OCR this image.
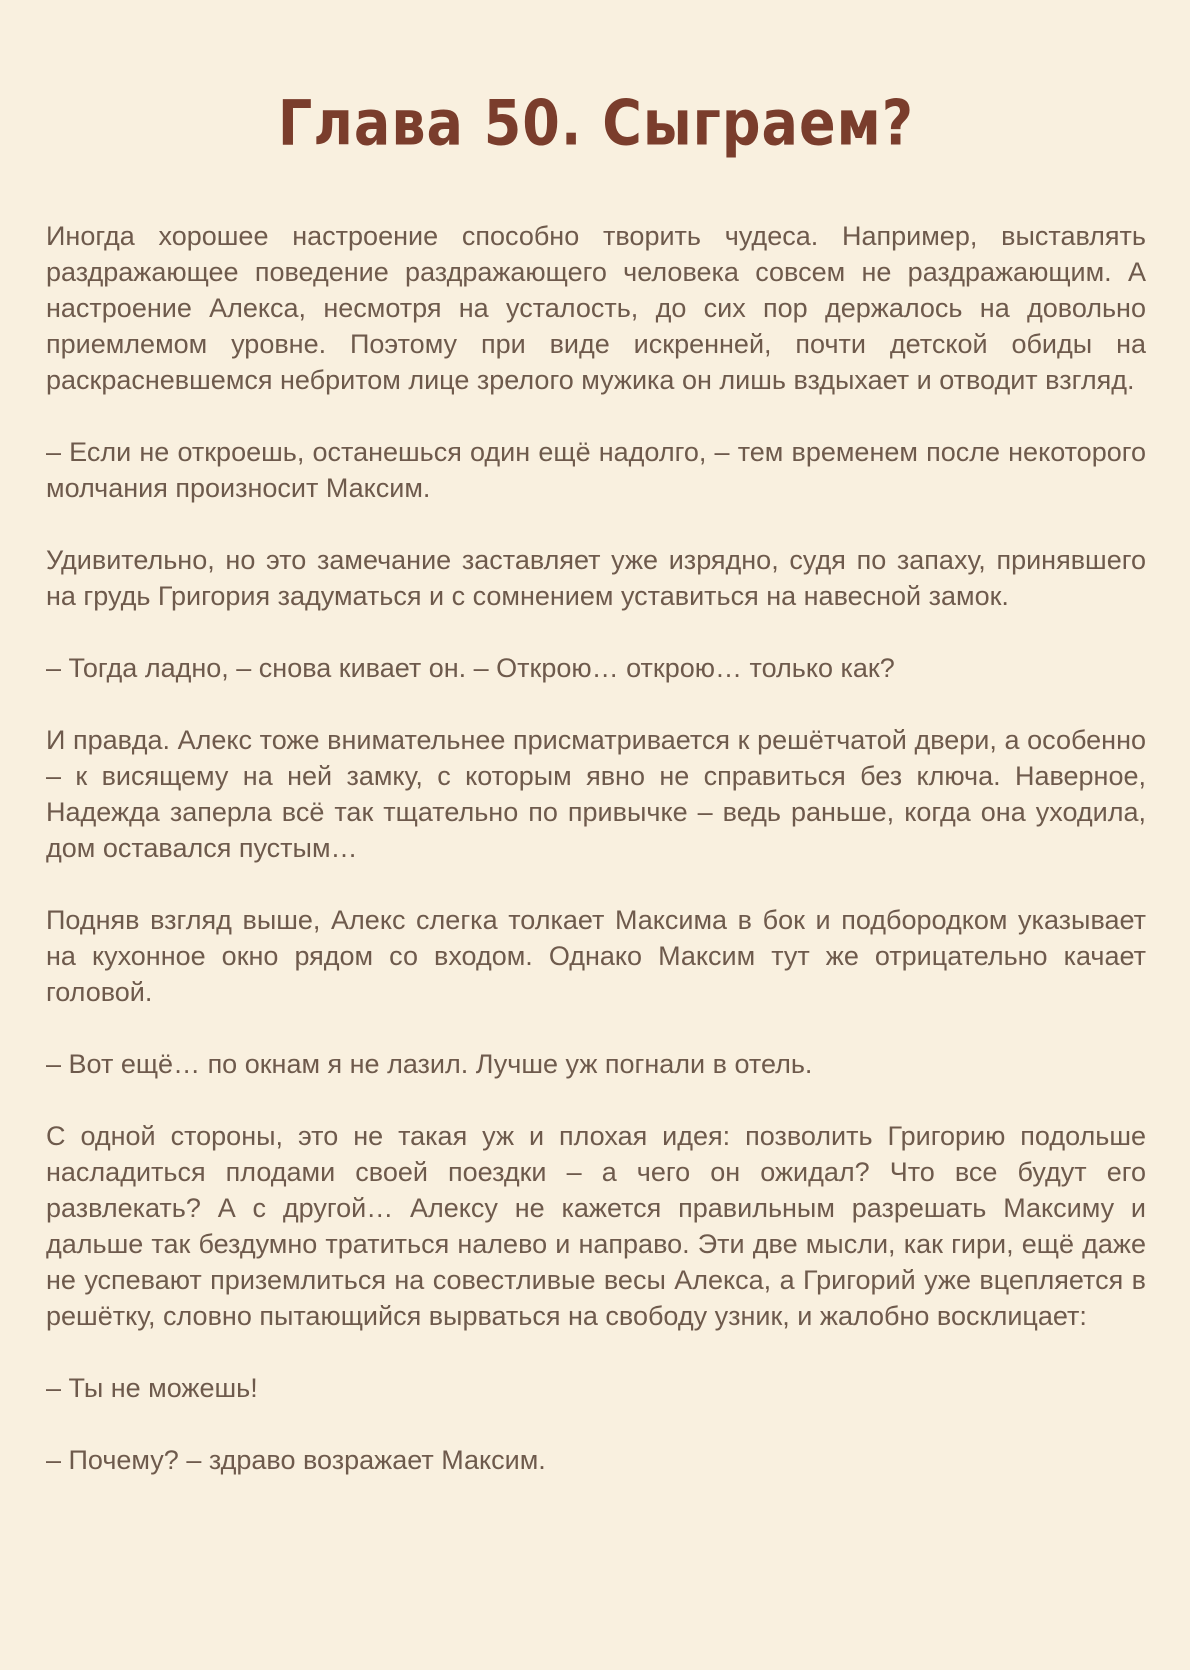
Глава 50. Сыграем?

Иногда хорошее настроение способно творить чудеса. Например, выставлять раздражающее поведение раздражающего человека совсем не раздражающим. А настроение Алекса, несмотря на усталость, до сих пор держалось на довольно приемлемом уровне. Поэтому при виде искренней, почти детской обиды на раскрасневшемся небритом лице зрелого мужика он лишь вздыхает и отводит взгляд.

– Если не откроешь, останешься один ещё надолго, – тем временем после некоторого молчания произносит Максим.

Удивительно, но это замечание заставляет уже изрядно, судя по запаху, принявшего на грудь Григория задуматься и с сомнением уставиться на навесной замок.

– Тогда ладно, – снова кивает он. – Открою… открою… только как?

И правда. Алекс тоже внимательнее присматривается к решётчатой двери, а особенно – к висящему на ней замку, с которым явно не справиться без ключа. Наверное, Надежда заперла всё так тщательно по привычке – ведь раньше, когда она уходила, дом оставался пустым…

Подняв взгляд выше, Алекс слегка толкает Максима в бок и подбородком указывает на кухонное окно рядом со входом. Однако Максим тут же отрицательно качает головой.

– Вот ещё… по окнам я не лазил. Лучше уж погнали в отель.

С одной стороны, это не такая уж и плохая идея: позволить Григорию подольше насладиться плодами своей поездки – а чего он ожидал? Что все будут его развлекать? А с другой… Алексу не кажется правильным разрешать Максиму и дальше так бездумно тратиться налево и направо. Эти две мысли, как гири, ещё даже не успевают приземлиться на совестливые весы Алекса, а Григорий уже вцепляется в решётку, словно пытающийся вырваться на свободу узник, и жалобно восклицает:

– Ты не можешь!

– Почему? – здраво возражает Максим.
